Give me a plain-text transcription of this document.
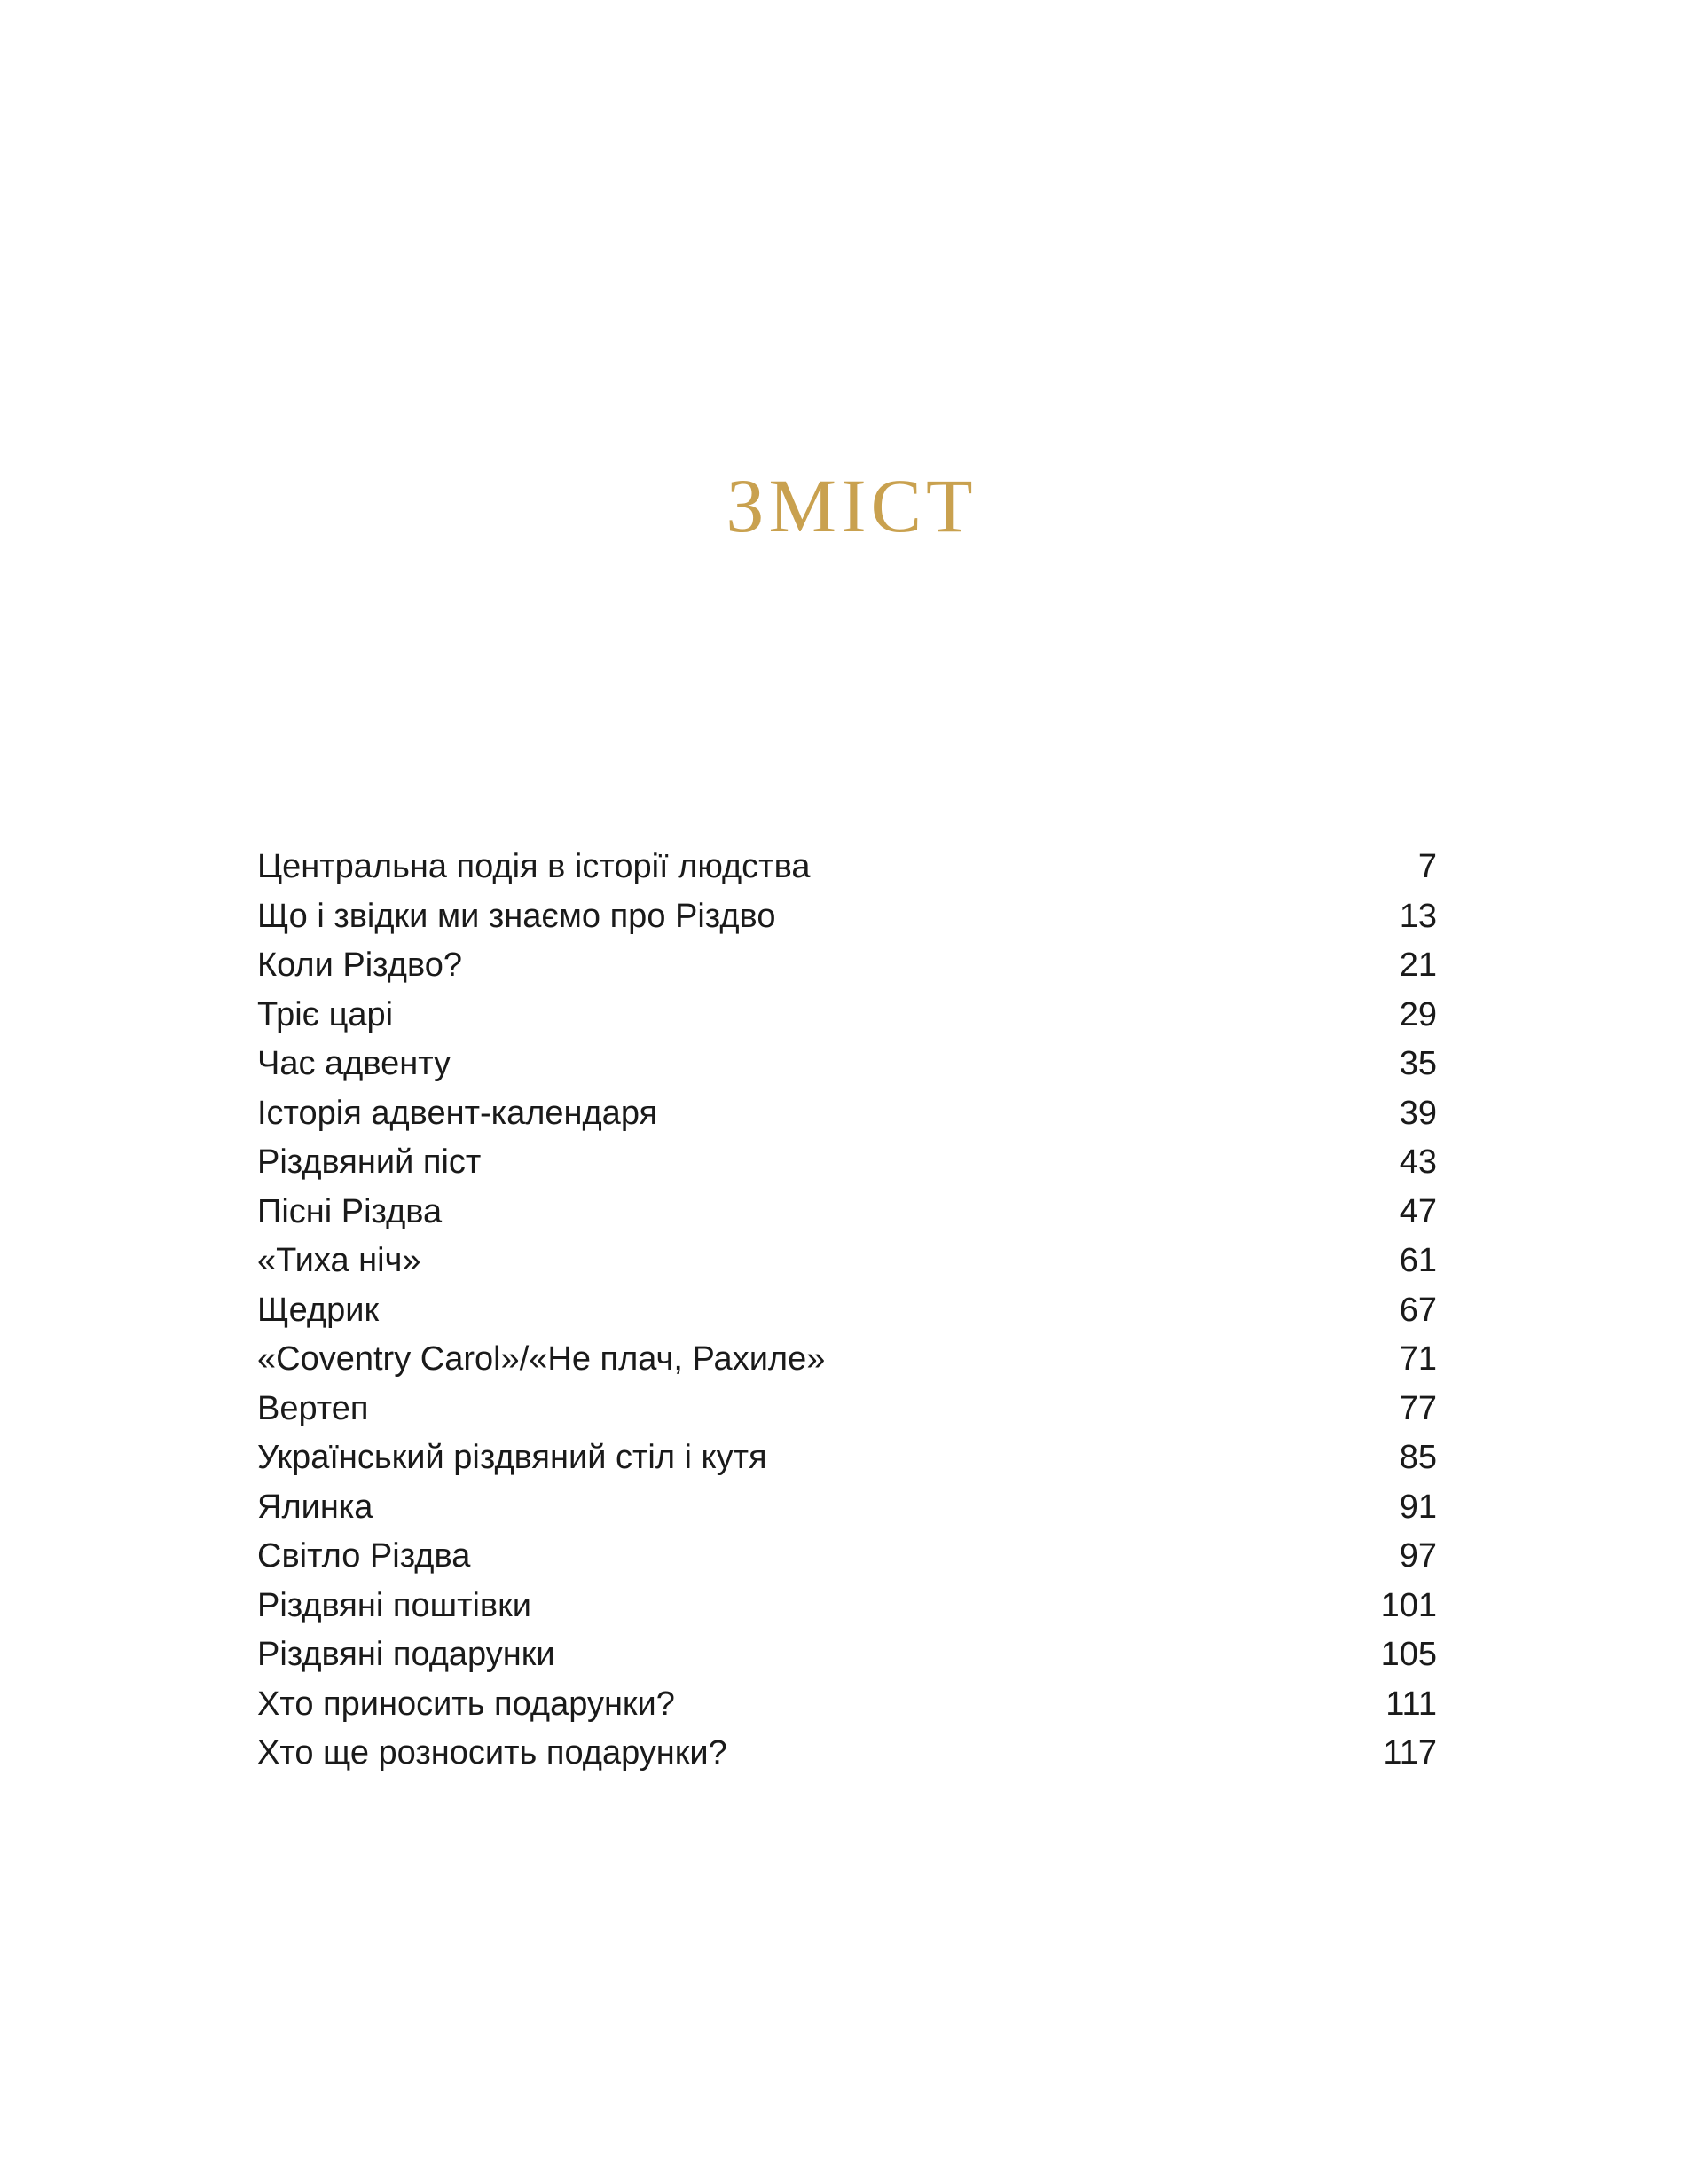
ЗМІСТ
Центральна подія в історії людства	7
Що і звідки ми знаємо про Різдво	13
Коли Різдво?	21
Тріє царі	29
Час адвенту	35
Історія адвент-календаря	39
Різдвяний піст	43
Пісні Різдва	47
«Тиха ніч»	61
Щедрик	67
«Coventry Carol»/«Не плач, Рахиле»	71
Вертеп	77
Український різдвяний стіл і кутя	85
Ялинка	91
Світло Різдва	97
Різдвяні поштівки	101
Різдвяні подарунки	105
Хто приносить подарунки?	111
Хто ще розносить подарунки?	117
